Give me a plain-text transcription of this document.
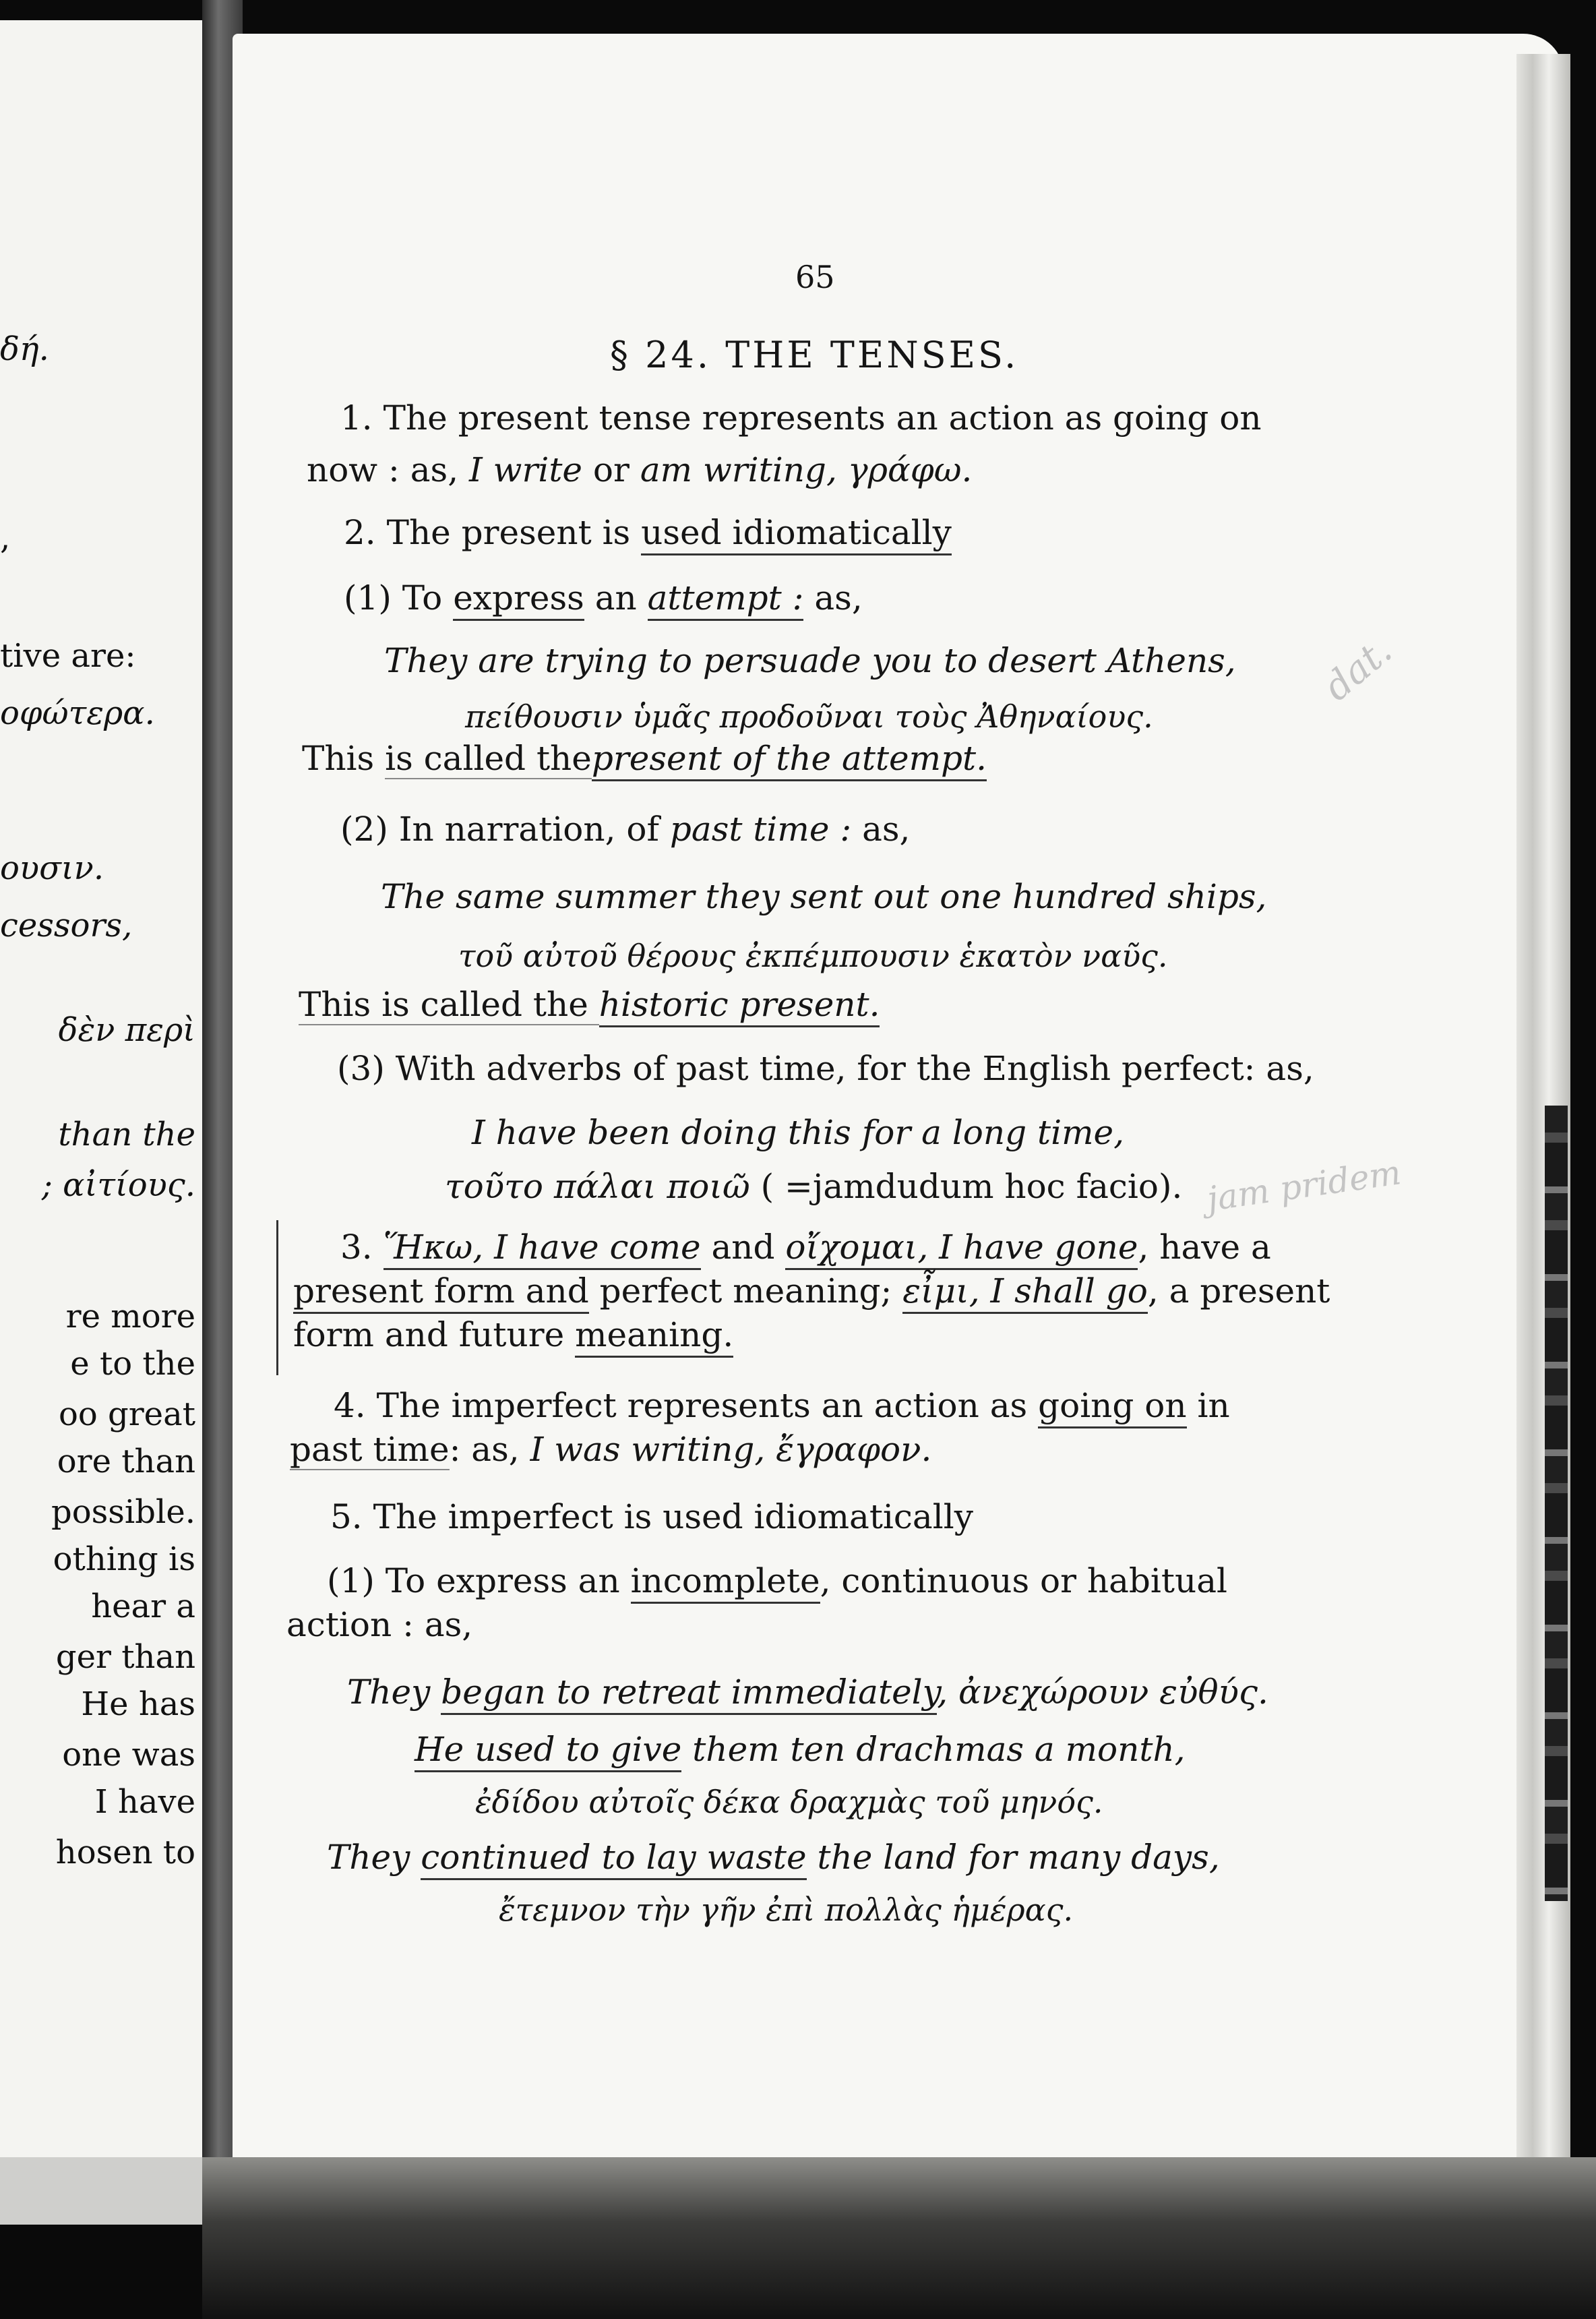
δή.
,
tive are:
οφώτερα.
ουσιν.
cessors,
δὲν περὶ
than the
; αἰτίους.
re more
e to the
oo great
ore than
possible.
othing is
hear a
ger than
He has
one was
I have
hosen to
65
§ 24. THE TENSES.
1. The present tense represents an action as going on
now : as, I write or am writing, γράφω.
2. The present is used idiomatically
(1) To express an attempt : as,
They are trying to persuade you to desert Athens,
πείθουσιν ὑμᾶς προδοῦναι τοὺς Ἀθηναίους.
This is called thepresent of the attempt.
(2) In narration, of past time : as,
The same summer they sent out one hundred ships,
τοῦ αὐτοῦ θέρους ἐκπέμπουσιν ἑκατὸν ναῦς.
This is called the historic present.
(3) With adverbs of past time, for the English perfect: as,
I have been doing this for a long time,
τοῦτο πάλαι ποιῶ ( =jamdudum hoc facio).
3. Ἥκω, I have come and οἴχομαι, I have gone, have a
present form and perfect meaning; εἶμι, I shall go, a present
form and future meaning.
4. The imperfect represents an action as going on in
past time: as, I was writing, ἔγραφον.
5. The imperfect is used idiomatically
(1) To express an incomplete, continuous or habitual
action : as,
They began to retreat immediately, ἀνεχώρουν εὐθύς.
He used to give them ten drachmas a month,
ἐδίδου αὐτοῖς δέκα δραχμὰς τοῦ μηνός.
They continued to lay waste the land for many days,
ἔτεμνον τὴν γῆν ἐπὶ πολλὰς ἡμέρας.
dat.
jam pridem
